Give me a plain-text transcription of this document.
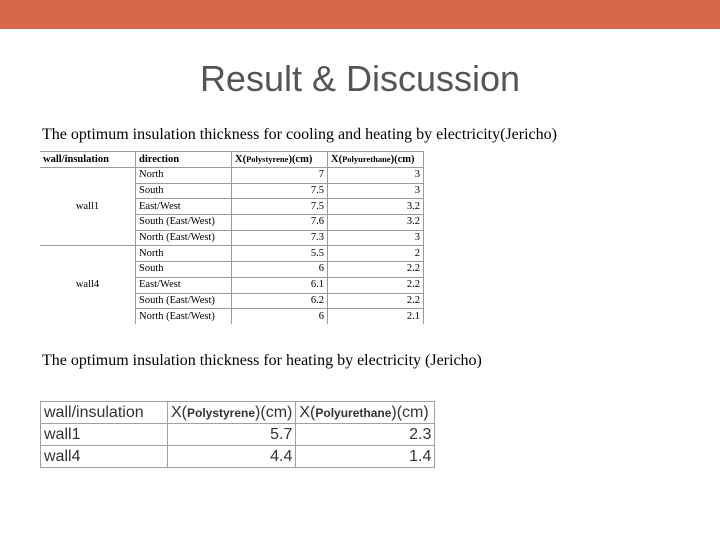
Result & Discussion
The optimum insulation thickness for cooling and heating by electricity(Jericho)
wall/insulation	direction	X(Polystyrene)(cm)	X(Polyurethane)(cm)
wall1	North	7	3
	South	7.5	3
	East/West	7.5	3.2
	South (East/West)	7.6	3.2
	North (East/West)	7.3	3
wall4	North	5.5	2
	South	6	2.2
	East/West	6.1	2.2
	South (East/West)	6.2	2.2
	North (East/West)	6	2.1
The optimum insulation thickness for heating by electricity (Jericho)
wall/insulation	X(Polystyrene)(cm)	X(Polyurethane)(cm)
wall1	5.7	2.3
wall4	4.4	1.4
